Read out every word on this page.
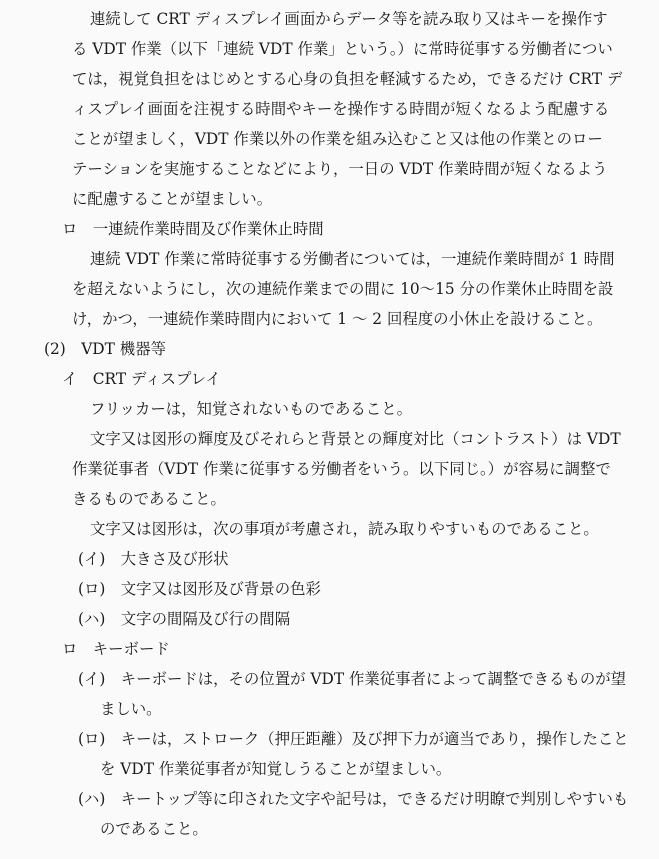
連続して CRT ディスプレイ画面からデータ等を読み取り又はキーを操作す
る VDT 作業（以下「連続 VDT 作業」という。）に常時従事する労働者につい
ては，視覚負担をはじめとする心身の負担を軽減するため，できるだけ CRT デ
ィスプレイ画面を注視する時間やキーを操作する時間が短くなるよう配慮する
ことが望ましく，VDT 作業以外の作業を組み込むこと又は他の作業とのロー
テーションを実施することなどにより，一日の VDT 作業時間が短くなるよう
に配慮することが望ましい。
ロ　一連続作業時間及び作業休止時間
連続 VDT 作業に常時従事する労働者については，一連続作業時間が 1 時間
を超えないようにし，次の連続作業までの間に 10〜15 分の作業休止時間を設
け，かつ，一連続作業時間内において 1 〜 2 回程度の小休止を設けること。
(2)　VDT 機器等
イ　CRT ディスプレイ
フリッカーは，知覚されないものであること。
文字又は図形の輝度及びそれらと背景との輝度対比（コントラスト）は VDT
作業従事者（VDT 作業に従事する労働者をいう。以下同じ。）が容易に調整で
きるものであること。
文字又は図形は，次の事項が考慮され，読み取りやすいものであること。
(イ)　大きさ及び形状
(ロ)　文字又は図形及び背景の色彩
(ハ)　文字の間隔及び行の間隔
ロ　キーボード
(イ)　キーボードは，その位置が VDT 作業従事者によって調整できるものが望
ましい。
(ロ)　キーは，ストローク（押圧距離）及び押下力が適当であり，操作したこと
を VDT 作業従事者が知覚しうることが望ましい。
(ハ)　キートップ等に印された文字や記号は，できるだけ明瞭で判別しやすいも
のであること。
